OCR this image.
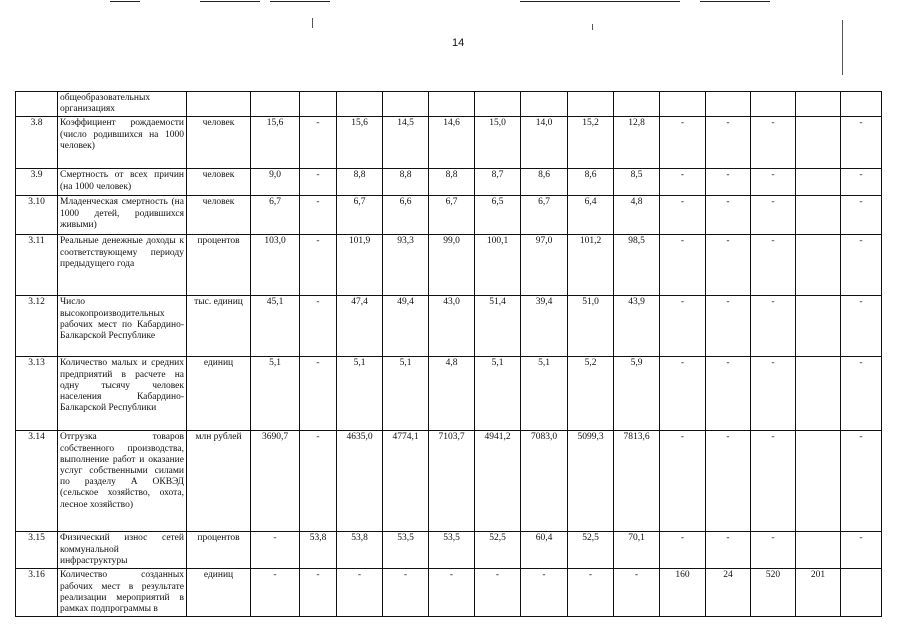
14
	общеобразовательных организациях															
3.8	Коэффициент рождаемости (число родившихся на 1000 человек)	человек	15,6	-	15,6	14,5	14,6	15,0	14,0	15,2	12,8	-	-	-		-
3.9	Смертность от всех причин (на 1000 человек)	человек	9,0	-	8,8	8,8	8,8	8,7	8,6	8,6	8,5	-	-	-		-
3.10	Младенческая смертность (на 1000 детей, родившихся живыми)	человек	6,7	-	6,7	6,6	6,7	6,5	6,7	6,4	4,8	-	-	-		-
3.11	Реальные денежные доходы к соответствующему периоду предыдущего года	процентов	103,0	-	101,9	93,3	99,0	100,1	97,0	101,2	98,5	-	-	-		-
3.12	Число высокопроизводительных рабочих мест по Кабардино-Балкарской Республике	тыс. единиц	45,1	-	47,4	49,4	43,0	51,4	39,4	51,0	43,9	-	-	-		-
3.13	Количество малых и средних предприятий в расчете на одну тысячу человек населения Кабардино-Балкарской Республики	единиц	5,1	-	5,1	5,1	4,8	5,1	5,1	5,2	5,9	-	-	-		-
3.14	Отгрузка товаров собственного производства, выполнение работ и оказание услуг собственными силами по разделу А ОКВЭД (сельское хозяйство, охота, лесное хозяйство)	млн рублей	3690,7	-	4635,0	4774,1	7103,7	4941,2	7083,0	5099,3	7813,6	-	-	-		-
3.15	Физический износ сетей коммунальной инфраструктуры	процентов	-	53,8	53,8	53,5	53,5	52,5	60,4	52,5	70,1	-	-	-		-
3.16	Количество созданных рабочих мест в результате реализации мероприятий в рамках подпрограммы в	единиц	-	-	-	-	-	-	-	-	-	160	24	520	201	
